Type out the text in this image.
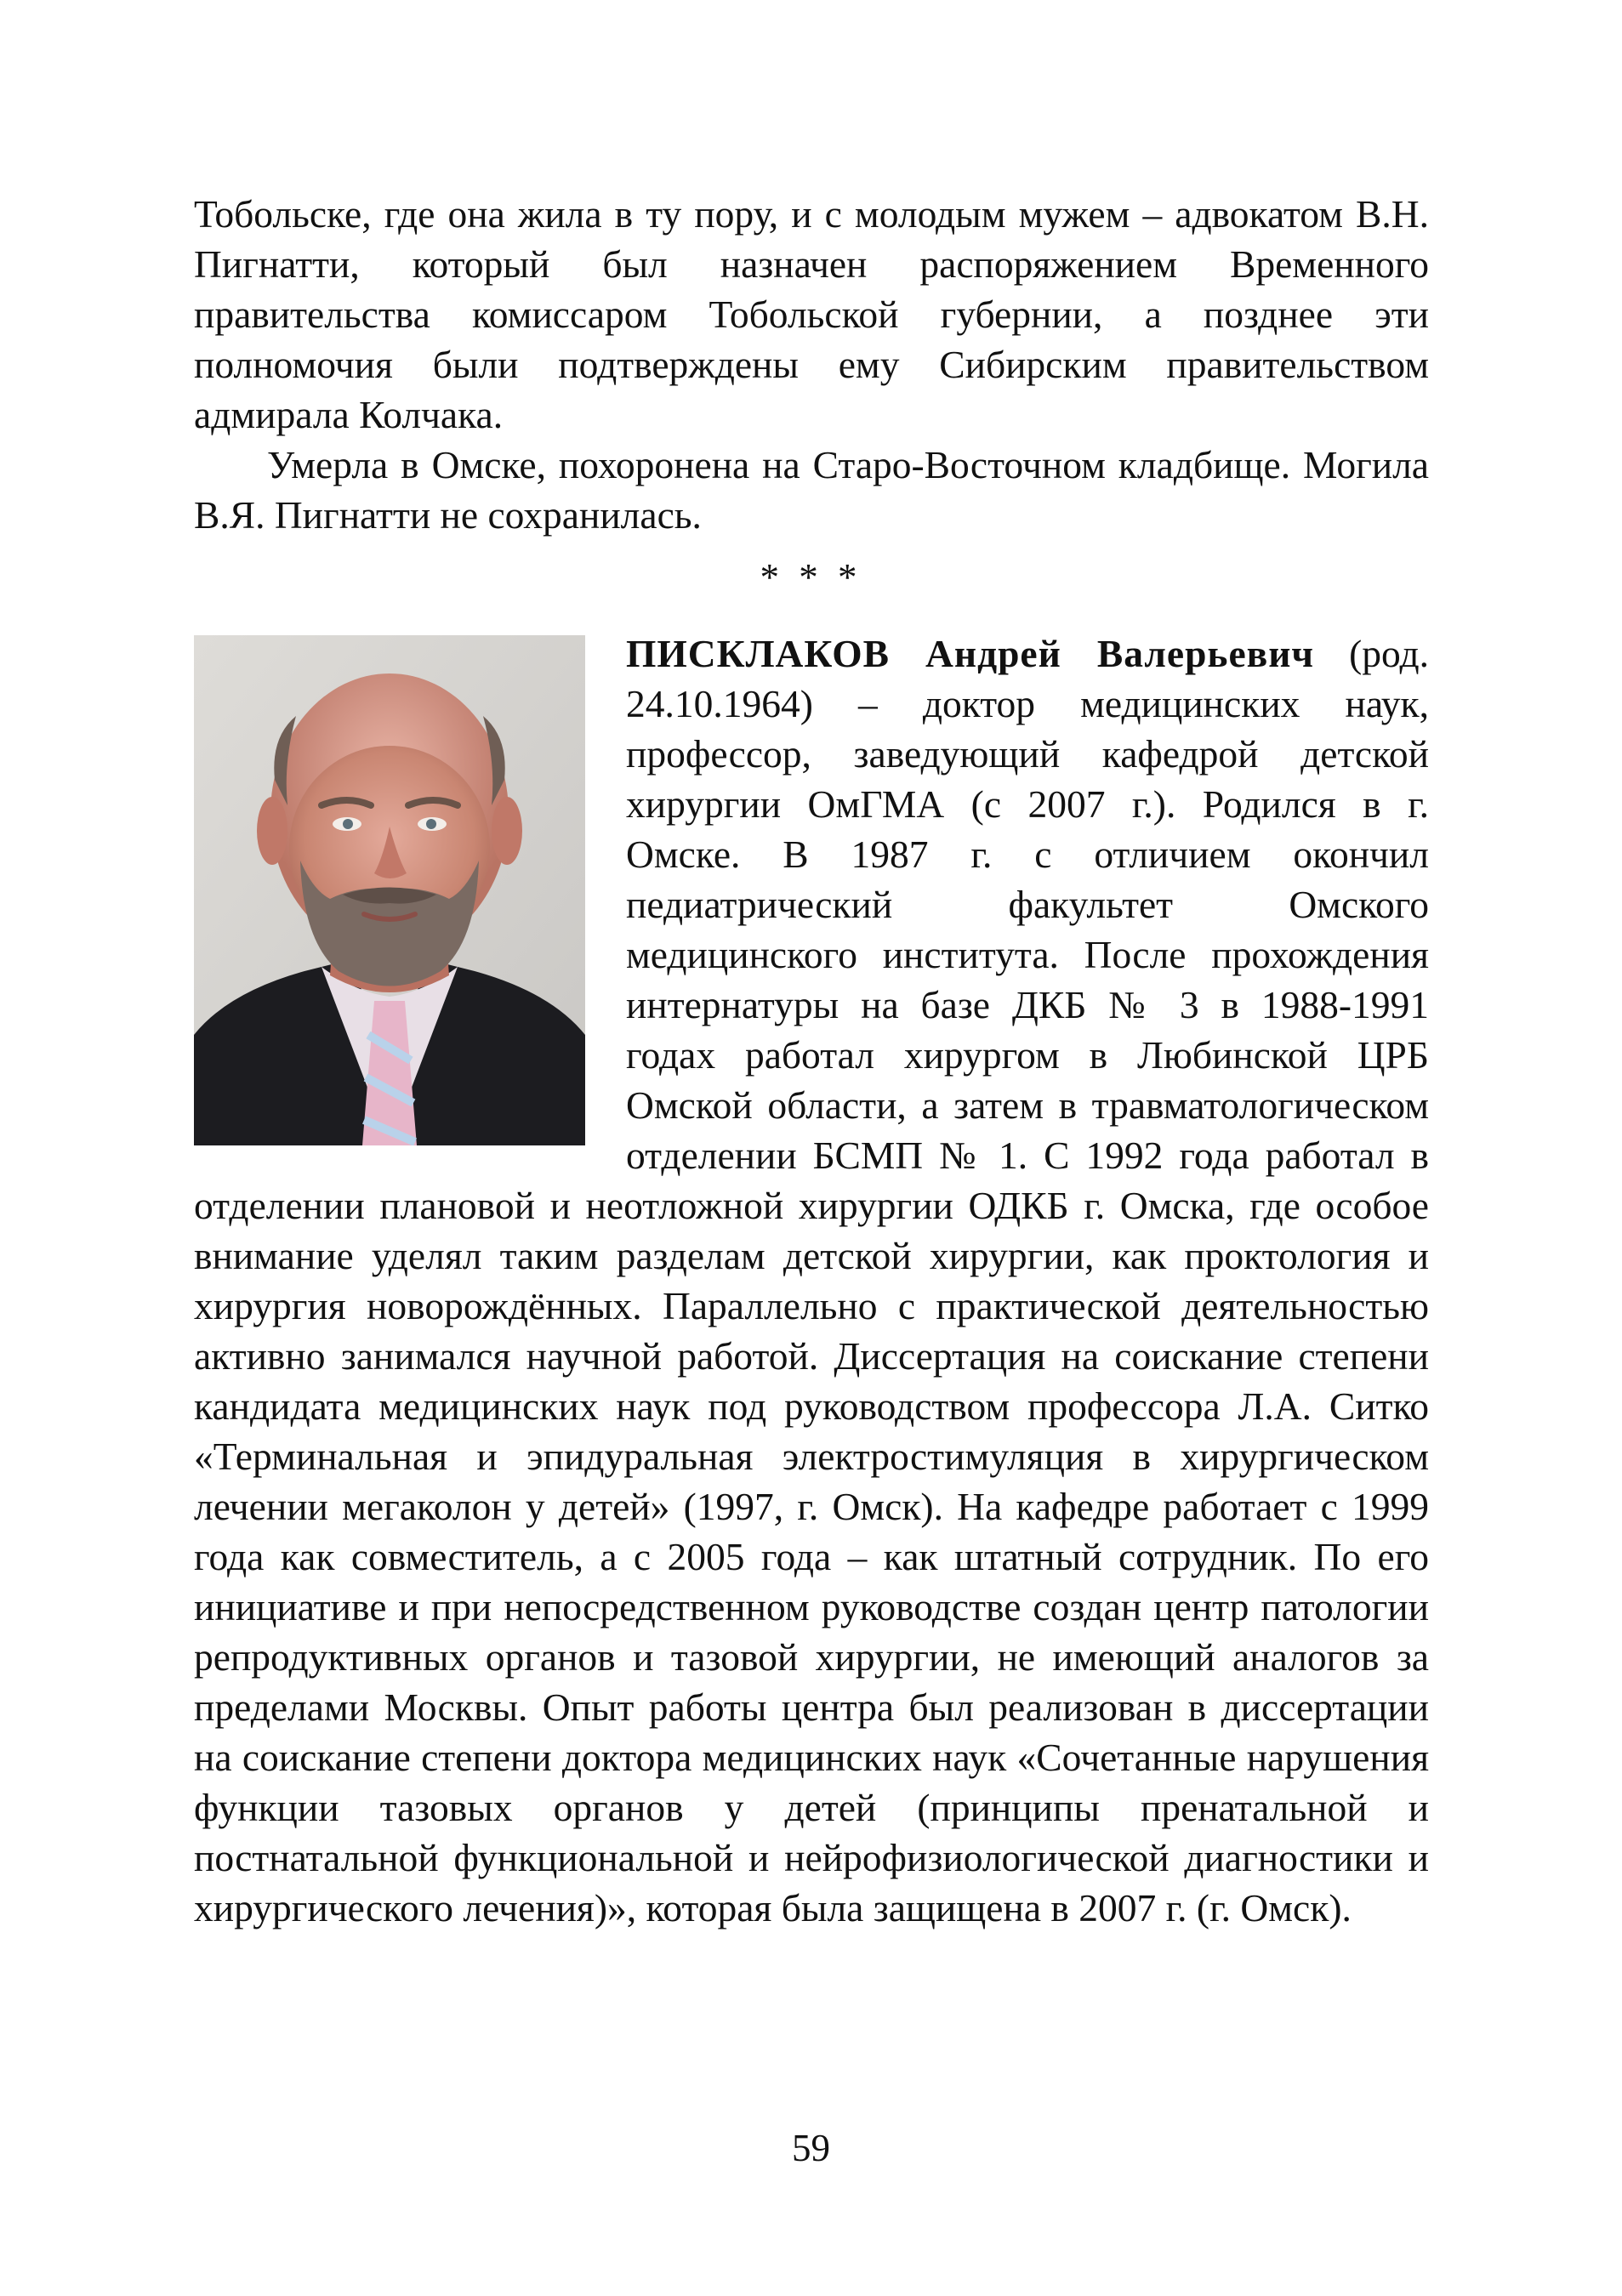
Тобольске, где она жила в ту пору, и с молодым мужем – адвокатом В.Н. Пигнатти, который был назначен распоряжением Временного правительства комиссаром Тобольской губернии, а позднее эти полномочия были подтверждены ему Сибирским правительством адмирала Колчака.

Умерла в Омске, похоронена на Старо-Восточном кладбище. Могила В.Я. Пигнатти не сохранилась.

* * *

ПИСКЛАКОВ Андрей Валерьевич (род. 24.10.1964) – доктор медицинских наук, профессор, заведующий кафедрой детской хирургии ОмГМА (с 2007 г.). Родился в г. Омске. В 1987 г. с отличием окончил педиатрический факультет Омского медицинского института. После прохождения интернатуры на базе ДКБ № 3 в 1988-1991 годах работал хирургом в Любинской ЦРБ Омской области, а затем в травматологическом отделении БСМП № 1. С 1992 года работал в отделении плановой и неотложной хирургии ОДКБ г. Омска, где особое внимание уделял таким разделам детской хирургии, как проктология и хирургия новорождённых. Параллельно с практической деятельностью активно занимался научной работой. Диссертация на соискание степени кандидата медицинских наук под руководством профессора Л.А. Ситко «Терминальная и эпидуральная электростимуляция в хирургическом лечении мегаколон у детей» (1997, г. Омск). На кафедре работает с 1999 года как совместитель, а с 2005 года – как штатный сотрудник. По его инициативе и при непосредственном руководстве создан центр патологии репродуктивных органов и тазовой хирургии, не имеющий аналогов за пределами Москвы. Опыт работы центра был реализован в диссертации на соискание степени доктора медицинских наук «Сочетанные нарушения функции тазовых органов у детей (принципы пренатальной и постнатальной функциональной и нейрофизиологической диагностики и хирургического лечения)», которая была защищена в 2007 г. (г. Омск).

59
